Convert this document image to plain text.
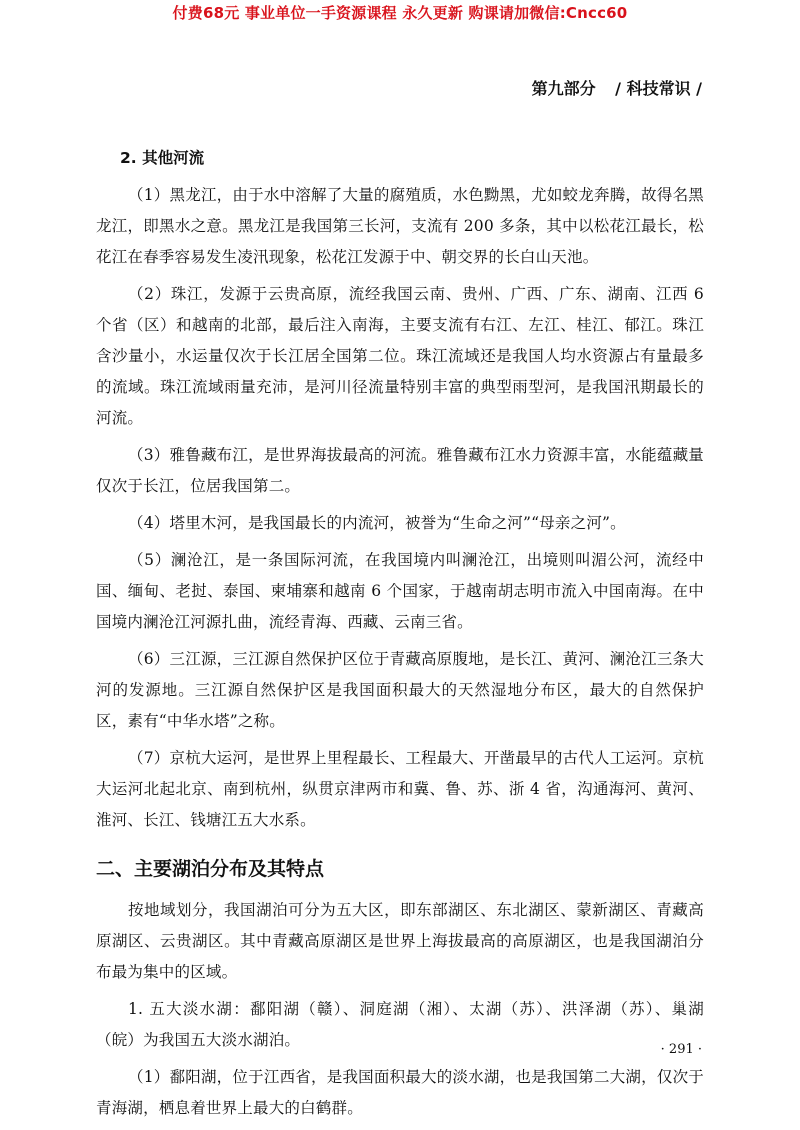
付费68元 事业单位一手资源课程 永久更新 购课请加微信:Cncc60
第九部分 / 科技常识 /
2. 其他河流

（1）黑龙江，由于水中溶解了大量的腐殖质，水色黝黑，尤如蛟龙奔腾，故得名黑龙江，即黑水之意。黑龙江是我国第三长河，支流有 200 多条，其中以松花江最长，松花江在春季容易发生凌汛现象，松花江发源于中、朝交界的长白山天池。

（2）珠江，发源于云贵高原，流经我国云南、贵州、广西、广东、湖南、江西 6 个省（区）和越南的北部，最后注入南海，主要支流有右江、左江、桂江、郁江。珠江含沙量小，水运量仅次于长江居全国第二位。珠江流域还是我国人均水资源占有量最多的流域。珠江流域雨量充沛，是河川径流量特别丰富的典型雨型河，是我国汛期最长的河流。

（3）雅鲁藏布江，是世界海拔最高的河流。雅鲁藏布江水力资源丰富，水能蕴藏量仅次于长江，位居我国第二。

（4）塔里木河，是我国最长的内流河，被誉为“生命之河”“母亲之河”。

（5）澜沧江，是一条国际河流，在我国境内叫澜沧江，出境则叫湄公河，流经中国、缅甸、老挝、泰国、柬埔寨和越南 6 个国家，于越南胡志明市流入中国南海。在中国境内澜沧江河源扎曲，流经青海、西藏、云南三省。

（6）三江源，三江源自然保护区位于青藏高原腹地，是长江、黄河、澜沧江三条大河的发源地。三江源自然保护区是我国面积最大的天然湿地分布区，最大的自然保护区，素有“中华水塔”之称。

（7）京杭大运河，是世界上里程最长、工程最大、开凿最早的古代人工运河。京杭大运河北起北京、南到杭州，纵贯京津两市和冀、鲁、苏、浙 4 省，沟通海河、黄河、淮河、长江、钱塘江五大水系。

二、主要湖泊分布及其特点

按地域划分，我国湖泊可分为五大区，即东部湖区、东北湖区、蒙新湖区、青藏高原湖区、云贵湖区。其中青藏高原湖区是世界上海拔最高的高原湖区，也是我国湖泊分布最为集中的区域。

1. 五大淡水湖：鄱阳湖（赣）、洞庭湖（湘）、太湖（苏）、洪泽湖（苏）、巢湖（皖）为我国五大淡水湖泊。

（1）鄱阳湖，位于江西省，是我国面积最大的淡水湖，也是我国第二大湖，仅次于青海湖，栖息着世界上最大的白鹤群。

· 291 ·
